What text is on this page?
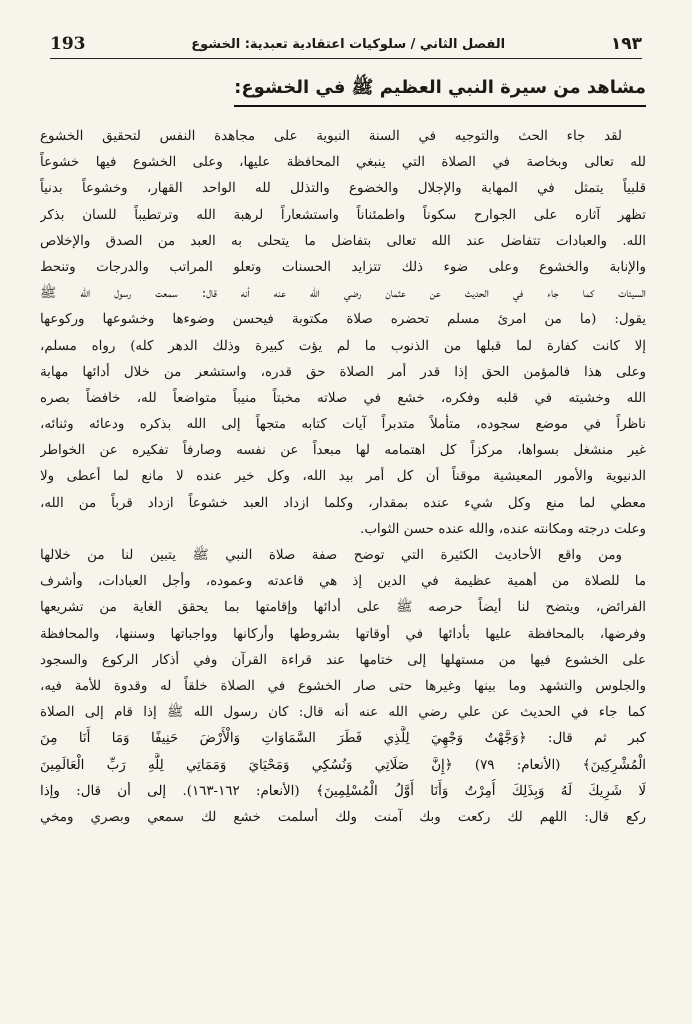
193	الفصل الثاني / سلوكيات اعتقادية تعبدية: الخشوع	١٩٣
مشاهد من سيرة النبي العظيم ﷺ في الخشوع:
لقد جاء الحث والتوجيه في السنة النبوية على مجاهدة النفس لتحقيق الخشوع
لله تعالى وبخاصة في الصلاة التي ينبغي المحافظة عليها، وعلى الخشوع فيها خشوعاً
قلبياً يتمثل في المهابة والإجلال والخضوع والتذلل لله الواحد القهار، وخشوعاً بدنياً
تظهر آثاره على الجوارح سكوناً واطمئناناً واستشعاراً لرهبة الله وترتطيباً للسان بذكر
الله. والعبادات تتفاضل عند الله تعالى بتفاضل ما يتحلى به العبد من الصدق والإخلاص
والإنابة والخشوع وعلى ضوء ذلك تتزايد الحسنات وتعلو المراتب والدرجات وتنحط
السيئات كما جاء في الحديث عن عثمان رضي الله عنه أنه قال: سمعت رسول الله ﷺ
يقول: (ما من امرئ مسلم تحضره صلاة مكتوبة فيحسن وضوءها وخشوعها وركوعها
إلا كانت كفارة لما قبلها من الذنوب ما لم يؤت كبيرة وذلك الدهر كله) رواه مسلم،
وعلى هذا فالمؤمن الحق إذا قدر أمر الصلاة حق قدره، واستشعر من خلال أدائها مهابة
الله وخشيته في قلبه وفكره، خشع في صلاته مخبتاً منيباً متواضعاً لله، خافضاً بصره
ناظراً في موضع سجوده، متأملاً متدبراً آيات كتابه متجهاً إلى الله بذكره ودعائه وثنائه،
غير منشغل بسواها، مركزاً كل اهتمامه لها مبعداً عن نفسه وصارفاً تفكيره عن الخواطر
الدنيوية والأمور المعيشية موقناً أن كل أمر بيد الله، وكل خير عنده لا مانع لما أعطى ولا
معطي لما منع وكل شيء عنده بمقدار، وكلما ازداد العبد خشوعاً ازداد قرباً من الله،
وعلت درجته ومكانته عنده، والله عنده حسن الثواب.
ومن واقع الأحاديث الكثيرة التي توضح صفة صلاة النبي ﷺ يتبين لنا من خلالها
ما للصلاة من أهمية عظيمة في الدين إذ هي قاعدته وعموده، وأجل العبادات، وأشرف
الفرائض، ويتضح لنا أيضاً حرصه ﷺ على أدائها وإقامتها بما يحقق الغاية من تشريعها
وفرضها، بالمحافظة عليها بأدائها في أوقاتها بشروطها وأركانها وواجباتها وسننها، والمحافظة
على الخشوع فيها من مستهلها إلى ختامها عند قراءة القرآن وفي أذكار الركوع والسجود
والجلوس والتشهد وما بينها وغيرها حتى صار الخشوع في الصلاة خلقاً له وقدوة للأمة فيه،
كما جاء في الحديث عن علي رضي الله عنه أنه قال: كان رسول الله ﷺ إذا قام إلى الصلاة
كبر ثم قال: ﴿وَجَّهْتُ وَجْهِيَ لِلَّذِي فَطَرَ السَّمَاوَاتِ وَالْأَرْضَ حَنِيفًا وَمَا أَنَا مِنَ
الْمُشْرِكِينَ﴾ (الأنعام: ٧٩) ﴿إِنَّ صَلَاتِي وَنُسُكِي وَمَحْيَايَ وَمَمَاتِي لِلَّهِ رَبِّ الْعَالَمِينَ
لَا شَرِيكَ لَهُ وَبِذَلِكَ أُمِرْتُ وَأَنَا أَوَّلُ الْمُسْلِمِينَ﴾ (الأنعام: ١٦٢-١٦٣). إلى أن قال: وإذا
ركع قال: اللهم لك ركعت وبك آمنت ولك أسلمت خشع لك سمعي وبصري ومخي
